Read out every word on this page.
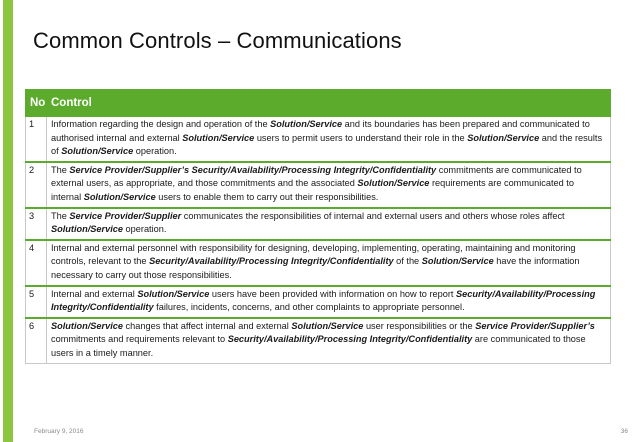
Common Controls – Communications
No	Control
1	Information regarding the design and operation of the Solution/Service and its boundaries has been prepared and communicated to authorised internal and external Solution/Service users to permit users to understand their role in the Solution/Service and the results of Solution/Service operation.
2	The Service Provider/Supplier’s Security/Availability/Processing Integrity/Confidentiality commitments are communicated to external users, as appropriate, and those commitments and the associated Solution/Service requirements are communicated to internal Solution/Service users to enable them to carry out their responsibilities.
3	The Service Provider/Supplier communicates the responsibilities of internal and external users and others whose roles affect Solution/Service operation.
4	Internal and external personnel with responsibility for designing, developing, implementing, operating, maintaining and monitoring controls, relevant to the Security/Availability/Processing Integrity/Confidentiality of the Solution/Service have the information necessary to carry out those responsibilities.
5	Internal and external Solution/Service users have been provided with information on how to report Security/Availability/Processing Integrity/Confidentiality failures, incidents, concerns, and other complaints to appropriate personnel.
6	Solution/Service changes that affect internal and external Solution/Service user responsibilities or the Service Provider/Supplier’s commitments and requirements relevant to Security/Availability/Processing Integrity/Confidentiality are communicated to those users in a timely manner.
February 9, 2016	36
